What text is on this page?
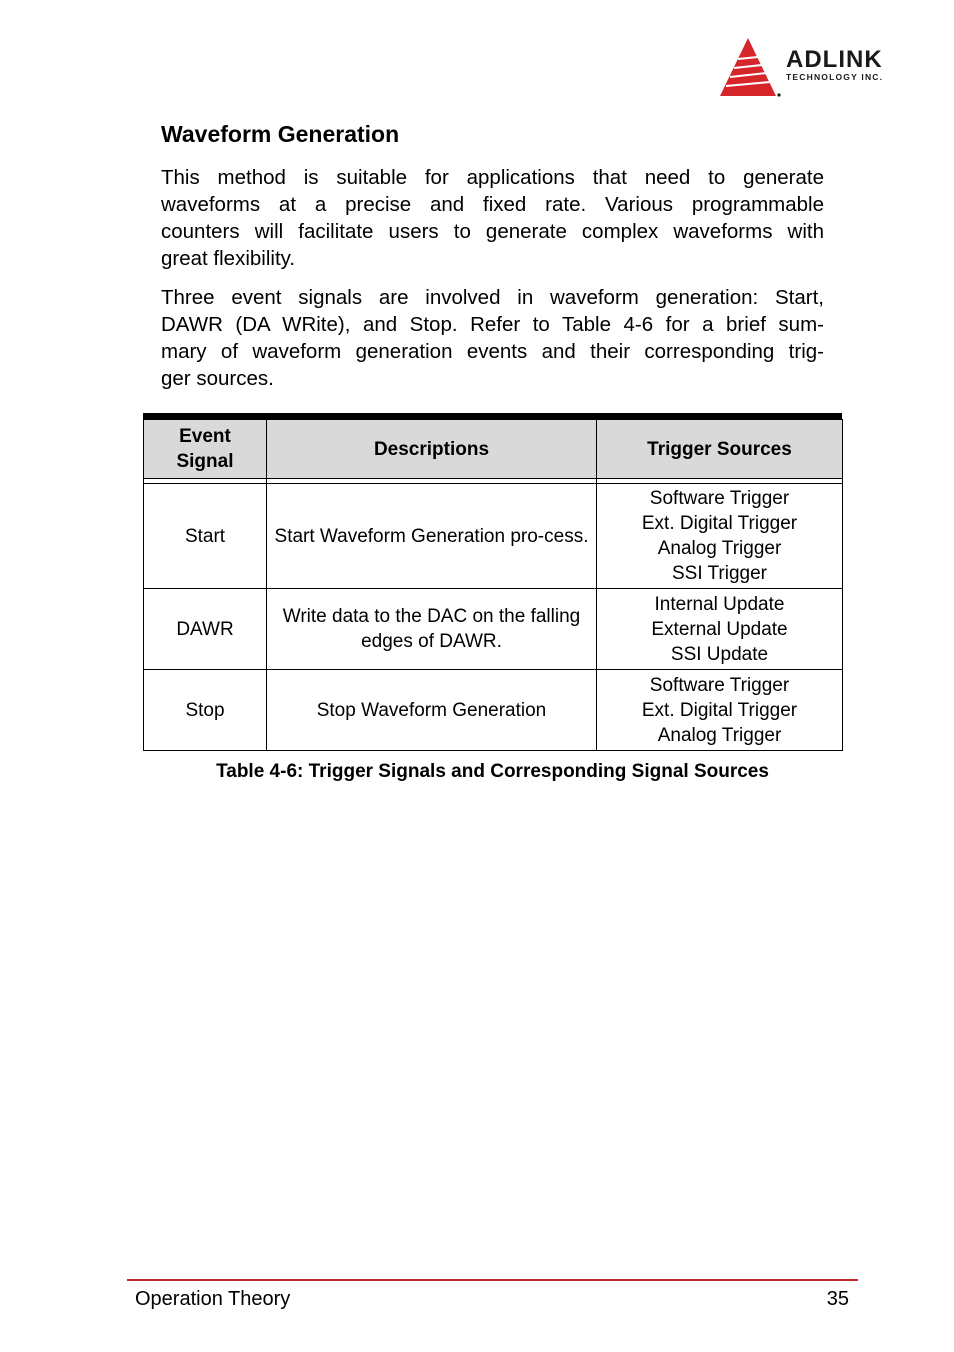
ADLINK
TECHNOLOGY INC.
Waveform Generation
This method is suitable for applications that need to generate
waveforms at a precise and fixed rate. Various programmable
counters will facilitate users to generate complex waveforms with
great flexibility.
Three event signals are involved in waveform generation: Start,
DAWR (DA WRite), and Stop. Refer to Table 4-6 for a brief sum-
mary of waveform generation events and their corresponding trig-
ger sources.
Event Signal	Descriptions	Trigger Sources

Start	Start Waveform Generation pro-cess.	Software Trigger
Ext. Digital Trigger
Analog Trigger
SSI Trigger

DAWR	Write data to the DAC on the falling edges of DAWR.	Internal Update
External Update
SSI Update

Stop	Stop Waveform Generation	Software Trigger
Ext. Digital Trigger
Analog Trigger
Table 4-6: Trigger Signals and Corresponding Signal Sources
Operation Theory	35
